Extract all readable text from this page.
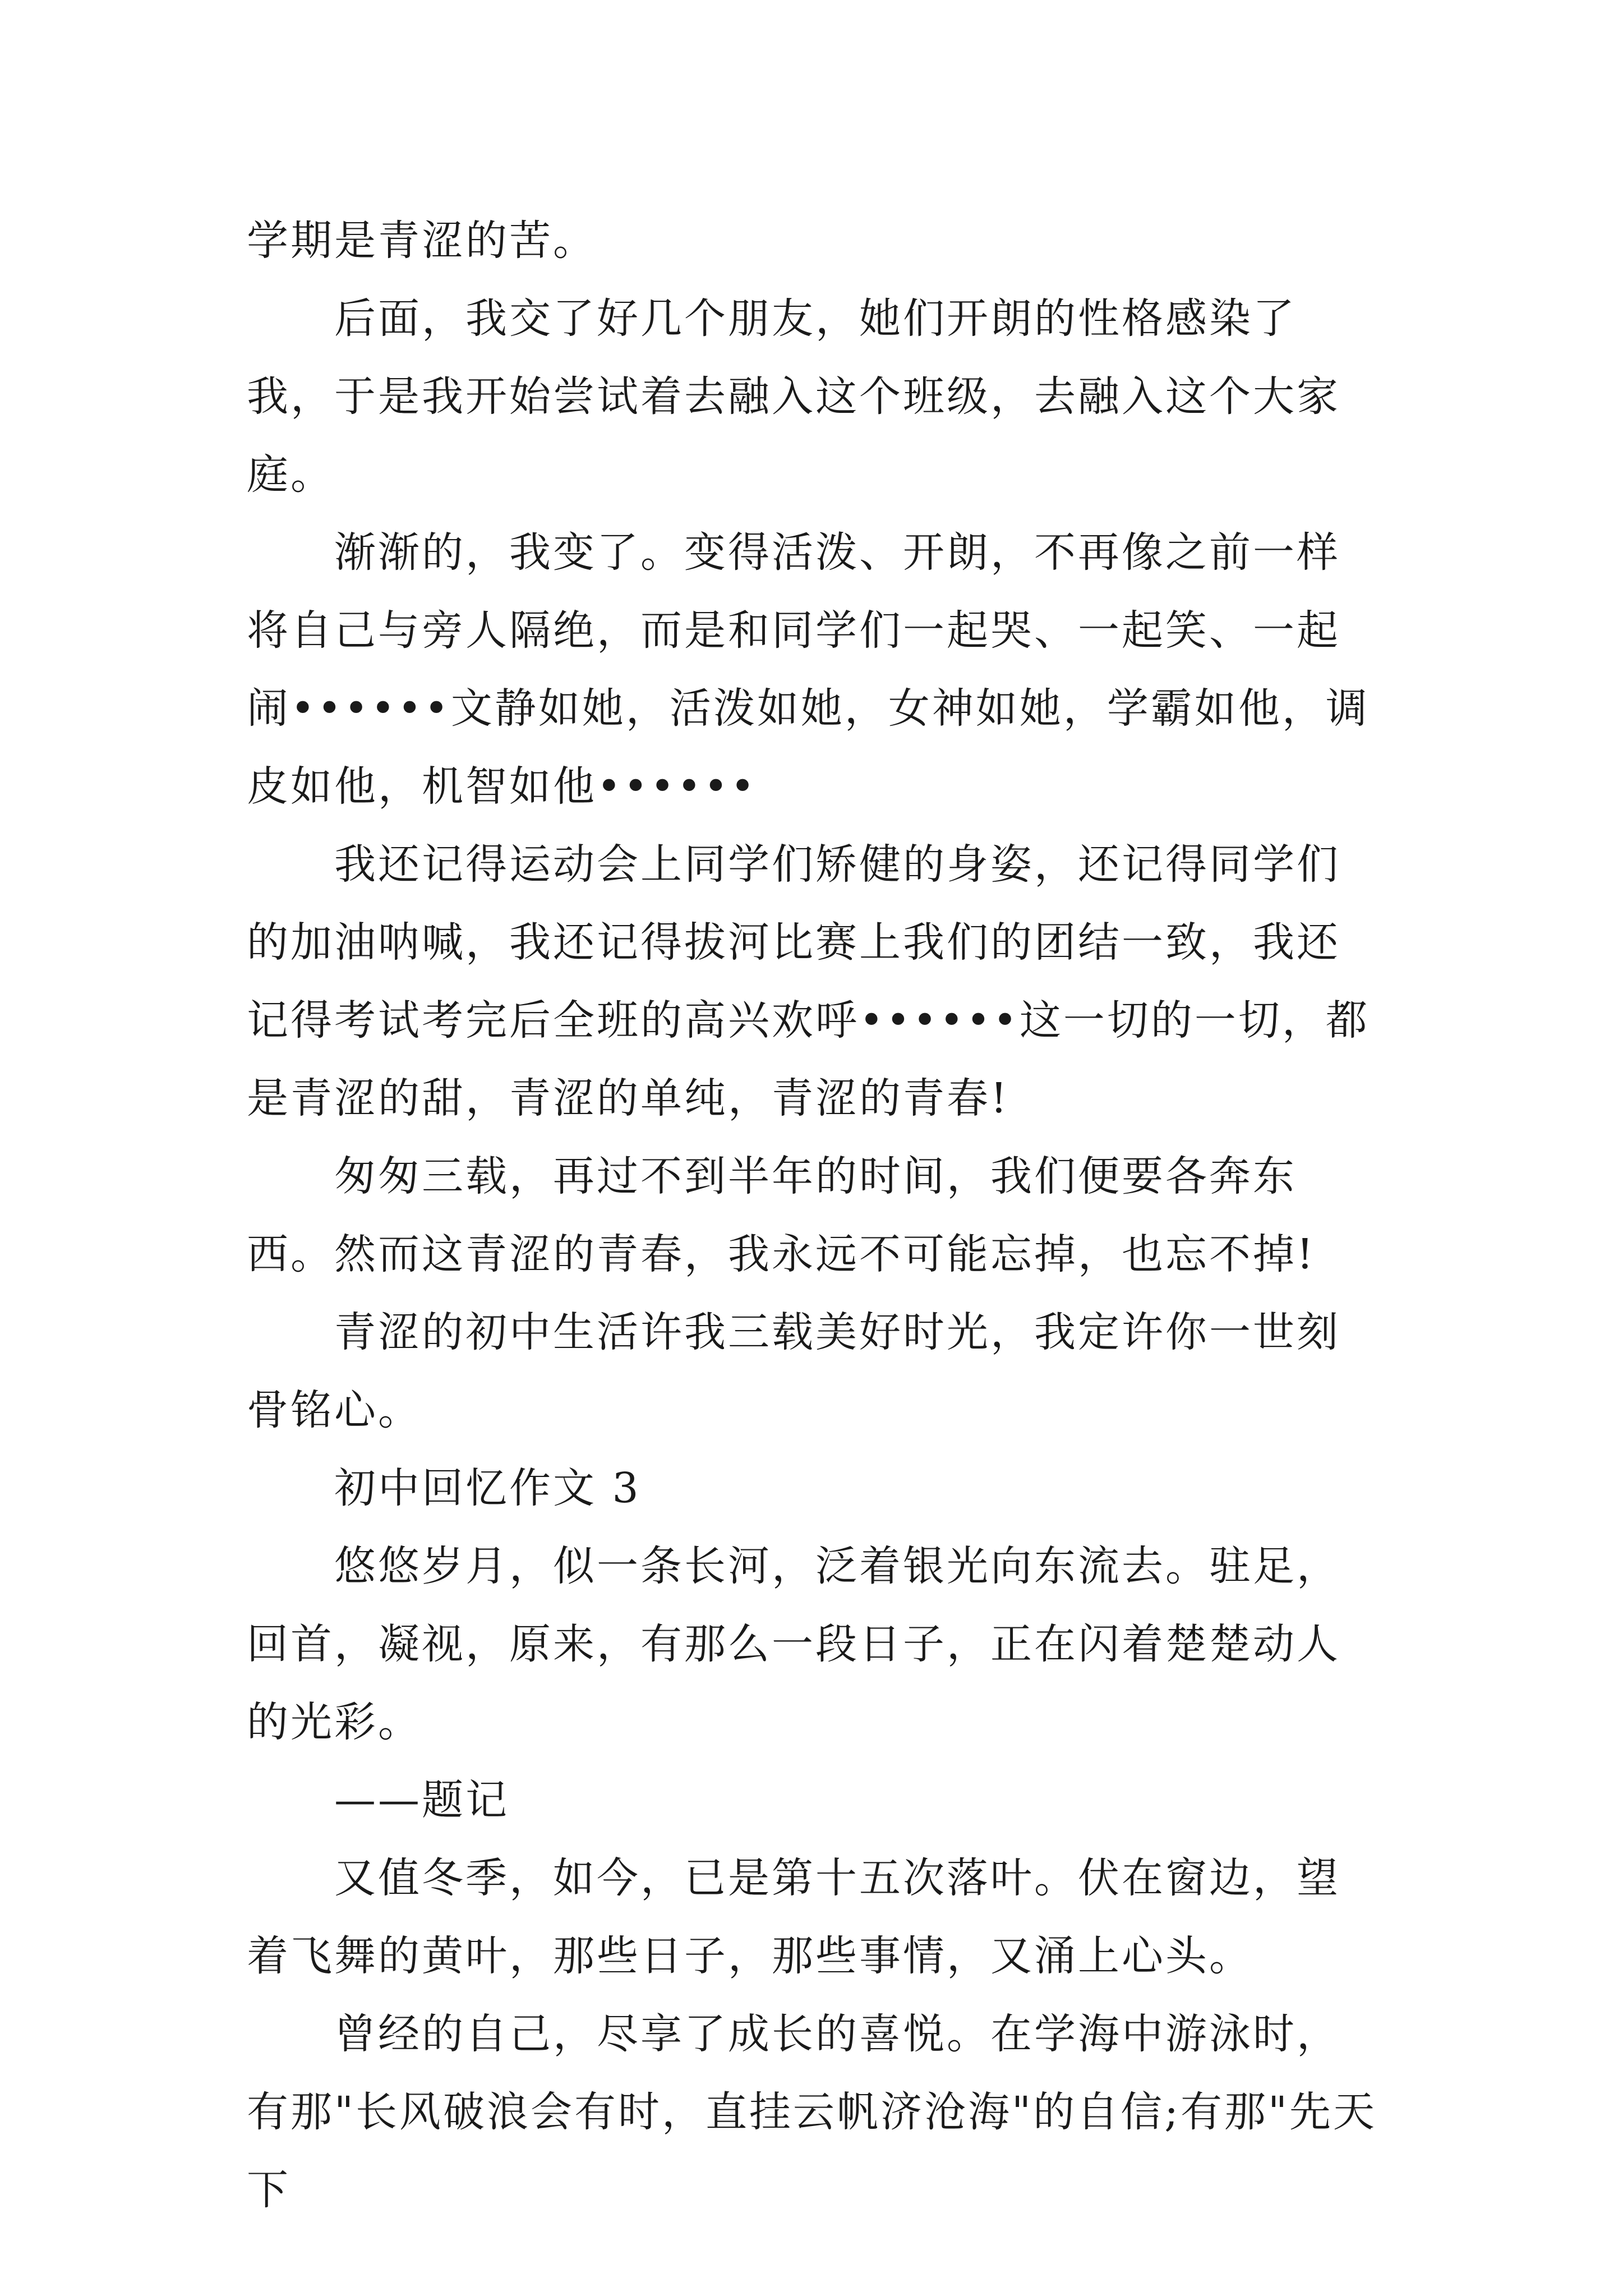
学期是青涩的苦。

后面，我交了好几个朋友，她们开朗的性格感染了我，于是我开始尝试着去融入这个班级，去融入这个大家庭。

渐渐的，我变了。变得活泼、开朗，不再像之前一样将自己与旁人隔绝，而是和同学们一起哭、一起笑、一起闹••••••文静如她，活泼如她，女神如她，学霸如他，调皮如他，机智如他••••••

我还记得运动会上同学们矫健的身姿，还记得同学们的加油呐喊，我还记得拔河比赛上我们的团结一致，我还记得考试考完后全班的高兴欢呼••••••这一切的一切，都是青涩的甜，青涩的单纯，青涩的青春!

匆匆三载，再过不到半年的时间，我们便要各奔东西。然而这青涩的青春，我永远不可能忘掉，也忘不掉!

青涩的初中生活许我三载美好时光，我定许你一世刻骨铭心。

初中回忆作文 3

悠悠岁月，似一条长河，泛着银光向东流去。驻足，回首，凝视，原来，有那么一段日子，正在闪着楚楚动人的光彩。

——题记

又值冬季，如今，已是第十五次落叶。伏在窗边，望着飞舞的黄叶，那些日子，那些事情，又涌上心头。

曾经的自己，尽享了成长的喜悦。在学海中游泳时，有那"长风破浪会有时，直挂云帆济沧海"的自信;有那"先天下
